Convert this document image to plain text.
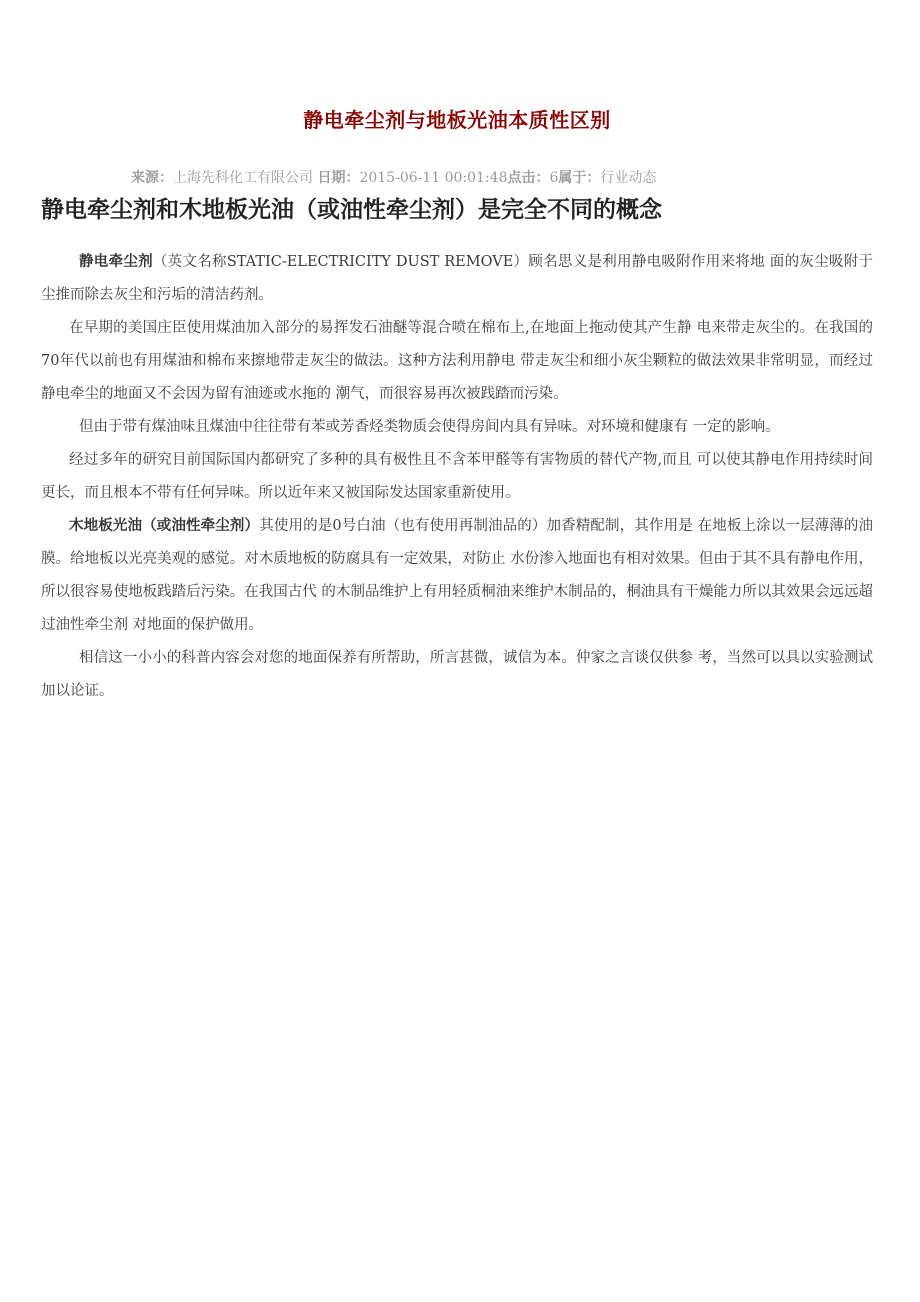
静电牵尘剂与地板光油本质性区别
来源：上海先科化工有限公司 日期：2015-06-11 00:01:48点击：6属于：行业动态
静电牵尘剂和木地板光油（或油性牵尘剂）是完全不同的概念

静电牵尘剂（英文名称STATIC-ELECTRICITY DUST REMOVE）顾名思义是利用静电吸附作用来将地 面的灰尘吸附于尘推而除去灰尘和污垢的清洁药剂。

在早期的美国庄臣使用煤油加入部分的易挥发石油醚等混合喷在棉布上,在地面上拖动使其产生静 电来带走灰尘的。在我国的70年代以前也有用煤油和棉布来擦地带走灰尘的做法。这种方法利用静电 带走灰尘和细小灰尘颗粒的做法效果非常明显，而经过静电牵尘的地面又不会因为留有油迹或水拖的 潮气，而很容易再次被践踏而污染。

但由于带有煤油味且煤油中往往带有苯或芳香烃类物质会使得房间内具有异味。对环境和健康有 一定的影响。

经过多年的研究目前国际国内都研究了多种的具有极性且不含苯甲醛等有害物质的替代产物,而且 可以使其静电作用持续时间更长，而且根本不带有任何异味。所以近年来又被国际发达国家重新使用。

木地板光油（或油性牵尘剂）其使用的是0号白油（也有使用再制油品的）加香精配制，其作用是 在地板上涂以一层薄薄的油膜。给地板以光亮美观的感觉。对木质地板的防腐具有一定效果，对防止 水份渗入地面也有相对效果。但由于其不具有静电作用，所以很容易使地板践踏后污染。在我国古代 的木制品维护上有用轻质桐油来维护木制品的，桐油具有干燥能力所以其效果会远远超过油性牵尘剂 对地面的保护做用。

相信这一小小的科普内容会对您的地面保养有所帮助，所言甚微，诚信为本。仲家之言谈仅供参 考，当然可以具以实验测试加以论证。
